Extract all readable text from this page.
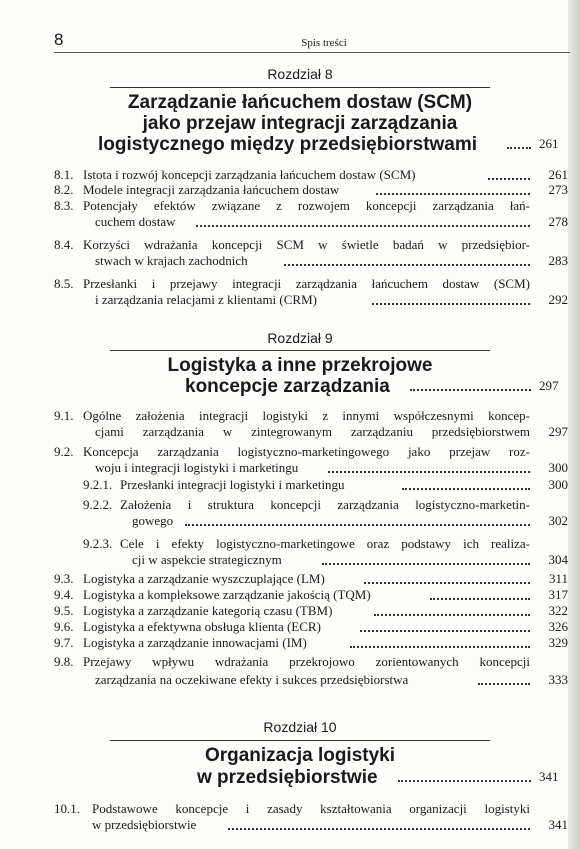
8	Spis treści
Rozdział 8
Zarządzanie łańcuchem dostaw (SCM)
jako przejaw integracji zarządzania
logistycznego między przedsiębiorstwami	261
8.1. Istota i rozwój koncepcji zarządzania łańcuchem dostaw (SCM)	261
8.2. Modele integracji zarządzania łańcuchem dostaw	273
8.3. Potencjały efektów związane z rozwojem koncepcji zarządzania łań-
cuchem dostaw	278
8.4. Korzyści wdrażania koncepcji SCM w świetle badań w przedsiębior-
stwach w krajach zachodnich	283
8.5. Przesłanki i przejawy integracji zarządzania łańcuchem dostaw (SCM)
i zarządzania relacjami z klientami (CRM)	292
Rozdział 9
Logistyka a inne przekrojowe
koncepcje zarządzania	297
9.1. Ogólne założenia integracji logistyki z innymi współczesnymi koncep-
cjami zarządzania w zintegrowanym zarządzaniu przedsiębiorstwem	297
9.2. Koncepcja zarządzania logistyczno-marketingowego jako przejaw roz-
woju i integracji logistyki i marketingu	300
9.2.1. Przesłanki integracji logistyki i marketingu	300
9.2.2. Założenia i struktura koncepcji zarządzania logistyczno-marketin-
gowego	302
9.2.3. Cele i efekty logistyczno-marketingowe oraz podstawy ich realiza-
cji w aspekcie strategicznym	304
9.3. Logistyka a zarządzanie wyszczuplające (LM)	311
9.4. Logistyka a kompleksowe zarządzanie jakością (TQM)	317
9.5. Logistyka a zarządzanie kategorią czasu (TBM)	322
9.6. Logistyka a efektywna obsługa klienta (ECR)	326
9.7. Logistyka a zarządzanie innowacjami (IM)	329
9.8. Przejawy wpływu wdrażania przekrojowo zorientowanych koncepcji
zarządzania na oczekiwane efekty i sukces przedsiębiorstwa	333
Rozdział 10
Organizacja logistyki
w przedsiębiorstwie	341
10.1. Podstawowe koncepcje i zasady kształtowania organizacji logistyki
w przedsiębiorstwie	341
